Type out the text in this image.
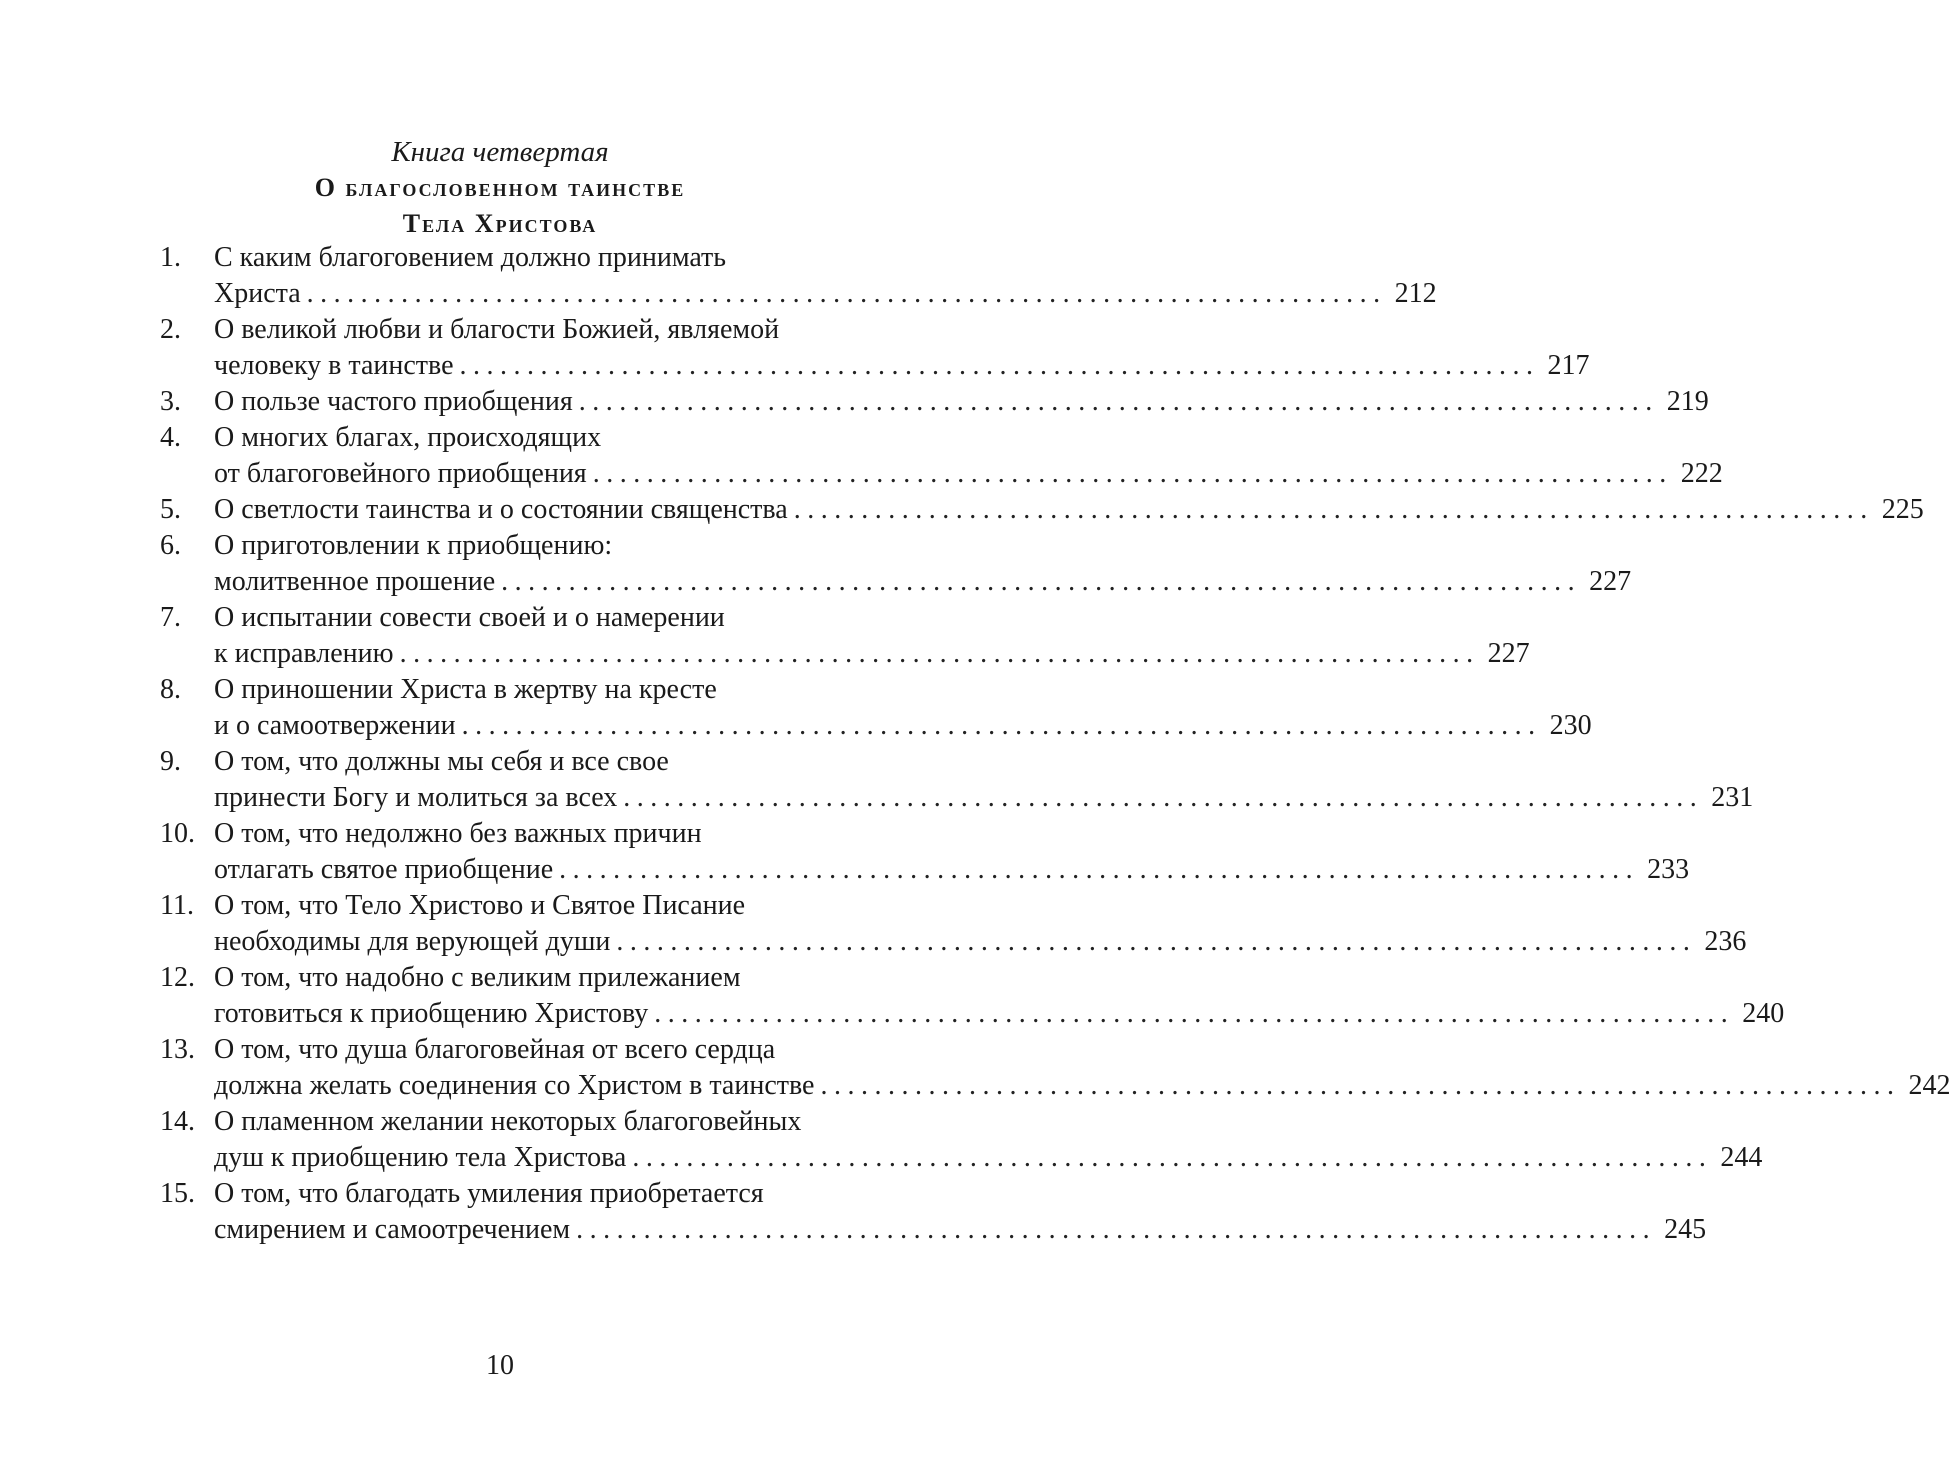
Книга четвертая
О благословенном таинстве
Тела Христова
1.	С каким благоговением должно принимать
Христа ................................................................................ 212
2.	О великой любви и благости Божией, являемой
человеку в таинстве ................................................................................ 217
3.	О пользе частого приобщения ................................................................................ 219
4.	О многих благах, происходящих
от благоговейного приобщения ................................................................................ 222
5.	О светлости таинства и о состоянии священства ................................................................................ 225
6.	О приготовлении к приобщению:
молитвенное прошение ................................................................................ 227
7.	О испытании совести своей и о намерении
к исправлению ................................................................................ 227
8.	О приношении Христа в жертву на кресте
и о самоотвержении ................................................................................ 230
9.	О том, что должны мы себя и все свое
принести Богу и молиться за всех ................................................................................ 231
10. О том, что недолжно без важных причин
отлагать святое приобщение ................................................................................ 233
11. О том, что Тело Христово и Святое Писание
необходимы для верующей души ................................................................................ 236
12. О том, что надобно с великим прилежанием
готовиться к приобщению Христову ................................................................................ 240
13. О том, что душа благоговейная от всего сердца
должна желать соединения со Христом в таинстве ................................................................................ 242
14. О пламенном желании некоторых благоговейных
душ к приобщению тела Христова ................................................................................ 244
15. О том, что благодать умиления приобретается
смирением и самоотречением ................................................................................ 245
10
